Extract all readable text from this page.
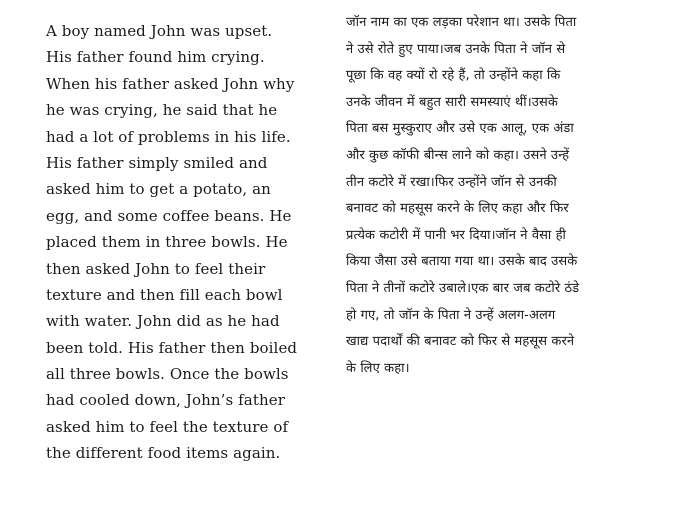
A boy named John was upset.
His father found him crying.
When his father asked John why
he was crying, he said that he
had a lot of problems in his life.
His father simply smiled and
asked him to get a potato, an
egg, and some coffee beans. He
placed them in three bowls. He
then asked John to feel their
texture and then fill each bowl
with water. John did as he had
been told. His father then boiled
all three bowls. Once the bowls
had cooled down, John’s father
asked him to feel the texture of
the different food items again.
जॉन नाम का एक लड़का परेशान था। उसके पिता
ने उसे रोते हुए पाया।जब उनके पिता ने जॉन से
पूछा कि वह क्यों रो रहे हैं, तो उन्होंने कहा कि
उनके जीवन में बहुत सारी समस्याएं थीं।उसके
पिता बस मुस्कुराए और उसे एक आलू, एक अंडा
और कुछ कॉफी बीन्स लाने को कहा। उसने उन्हें
तीन कटोरे में रखा।फिर उन्होंने जॉन से उनकी
बनावट को महसूस करने के लिए कहा और फिर
प्रत्येक कटोरी में पानी भर दिया।जॉन ने वैसा ही
किया जैसा उसे बताया गया था। उसके बाद उसके
पिता ने तीनों कटोरे उबाले।एक बार जब कटोरे ठंडे
हो गए, तो जॉन के पिता ने उन्हें अलग-अलग
खाद्य पदार्थों की बनावट को फिर से महसूस करने
के लिए कहा।
